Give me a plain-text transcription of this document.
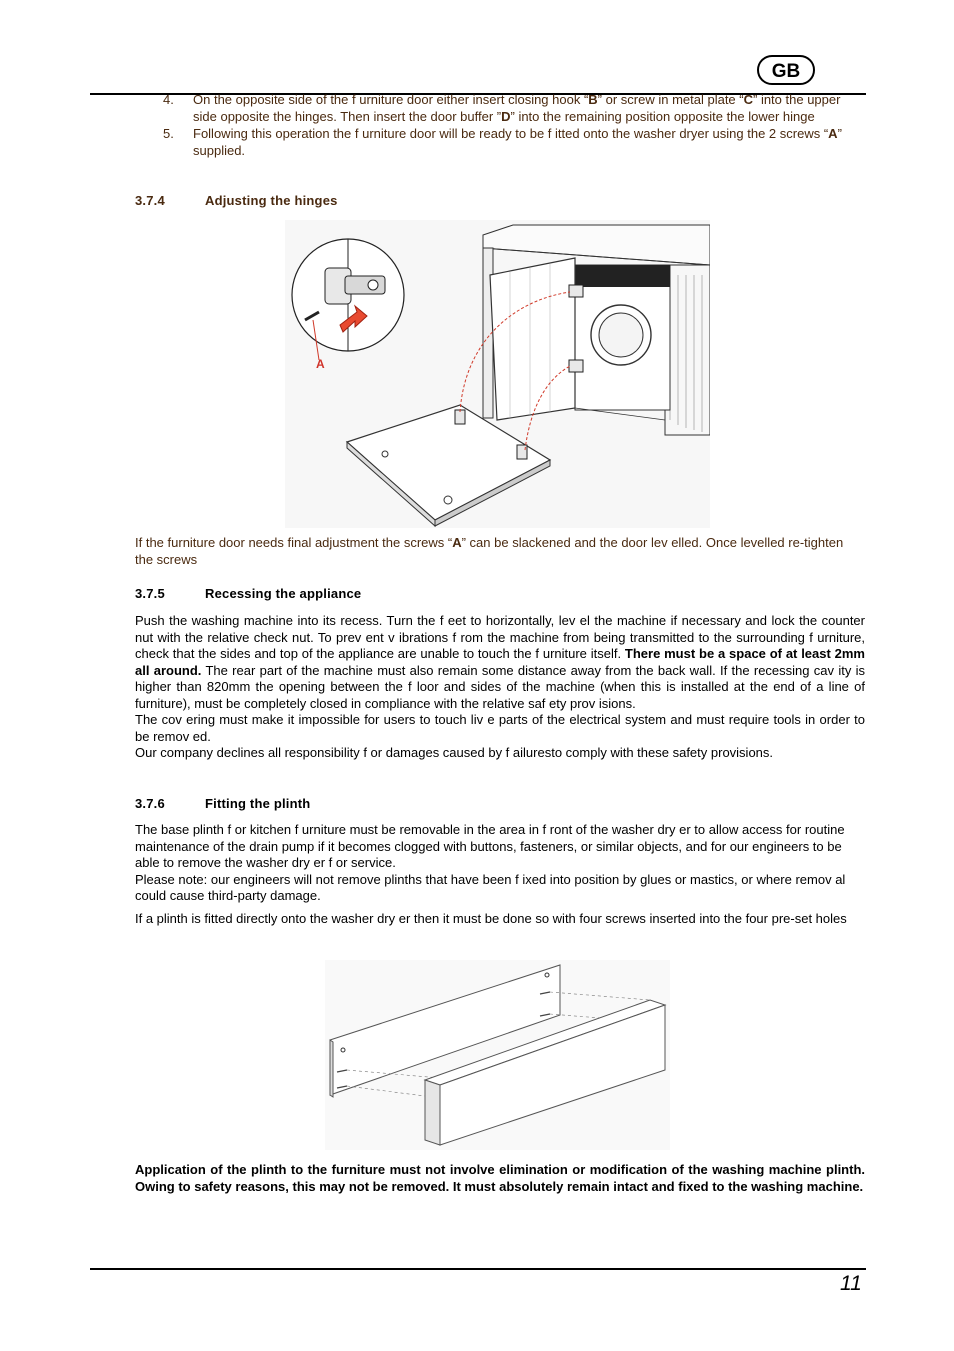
GB
4. On the opposite side of the f urniture door either insert closing hook “B” or screw in metal plate “C” into the upper side opposite the hinges. Then insert the door buffer ”D” into the remaining position opposite the lower hinge
5. Following this operation the f urniture door will be ready to be f itted onto the washer dryer using the 2 screws “A” supplied.
3.7.4	Adjusting the hinges
A
If the furniture door needs final adjustment the screws “A” can be slackened and the door lev elled. Once levelled re-tighten the screws
3.7.5	Recessing the appliance
Push the washing machine into its recess. Turn the f eet to horizontally, lev el the machine if necessary and lock the counter nut with the relative check nut. To prev ent v ibrations f rom the machine from being transmitted to the surrounding f urniture, check that the sides and top of the appliance are unable to touch the f urniture itself. There must be a space of at least 2mm all around. The rear part of the machine must also remain some distance away from the back wall. If the recessing cav ity is higher than 820mm the opening between the f loor and sides of the machine (when this is installed at the end of a line of furniture), must be completely closed in compliance with the relative saf ety prov isions.
The cov ering must make it impossible for users to touch liv e parts of the electrical system and must require tools in order to be remov ed.
Our company declines all responsibility f or damages caused by f ailuresto comply with these safety provisions.
3.7.6	Fitting the plinth
The base plinth f or kitchen f urniture must be removable in the area in f ront of the washer dry er to allow access for routine maintenance of the drain pump if it becomes clogged with buttons, fasteners, or similar objects, and for our engineers to be able to remove the washer dry er f or service.
Please note: our engineers will not remove plinths that have been f ixed into position by glues or mastics, or where remov al could cause third-party damage.
If a plinth is fitted directly onto the washer dry er then it must be done so with four screws inserted into the four pre-set holes
Application of the plinth to the furniture must not involve elimination or modification of the washing machine plinth. Owing to safety reasons, this may not be removed. It must absolutely remain intact and fixed to the washing machine.
11
